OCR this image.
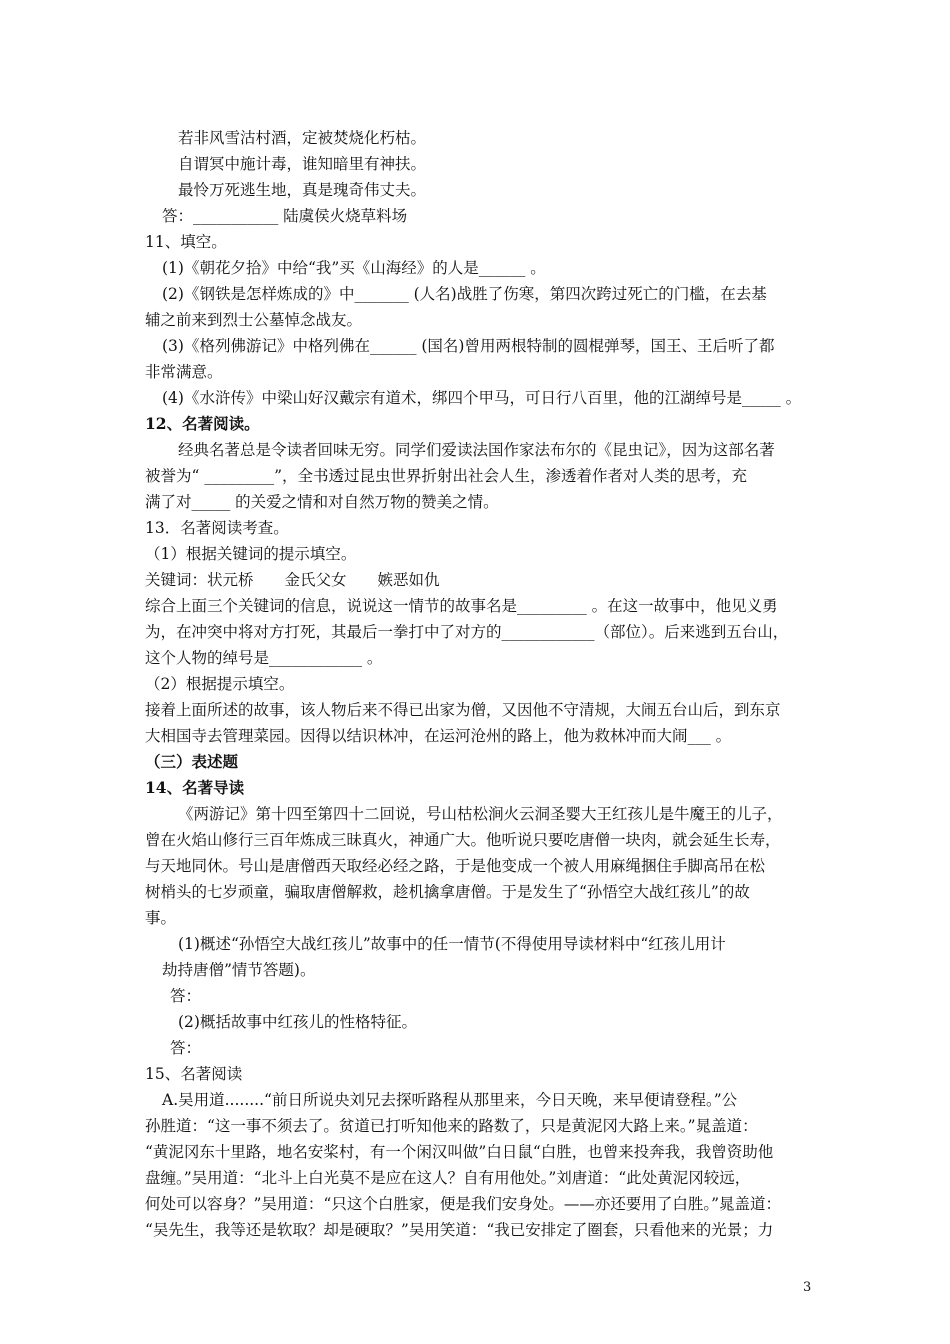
若非风雪沽村酒，定被焚烧化朽枯。
自谓冥中施计毒，谁知暗里有神扶。
最怜万死逃生地，真是瑰奇伟丈夫。
答：___________ 陆虞侯火烧草料场
11、填空。
(1)《朝花夕拾》中给“我”买《山海经》的人是______ 。
(2)《钢铁是怎样炼成的》中_______ (人名)战胜了伤寒，第四次跨过死亡的门槛，在去基
辅之前来到烈士公墓悼念战友。
(3)《格列佛游记》中格列佛在______ (国名)曾用两根特制的圆棍弹琴，国王、王后听了都
非常满意。
(4)《水浒传》中梁山好汉戴宗有道术，绑四个甲马，可日行八百里，他的江湖绰号是_____ 。
12、名著阅读。
经典名著总是令读者回味无穷。同学们爱读法国作家法布尔的《昆虫记》，因为这部名著
被誉为“ _________”，全书透过昆虫世界折射出社会人生，渗透着作者对人类的思考，充
满了对_____ 的关爱之情和对自然万物的赞美之情。
13．名著阅读考查。
（1）根据关键词的提示填空。
关键词：状元桥　　金氏父女　　嫉恶如仇
综合上面三个关键词的信息，说说这一情节的故事名是_________ 。在这一故事中，他见义勇
为，在冲突中将对方打死，其最后一拳打中了对方的____________（部位）。后来逃到五台山，
这个人物的绰号是____________ 。
（2）根据提示填空。
接着上面所述的故事，该人物后来不得已出家为僧，又因他不守清规，大闹五台山后，到东京
大相国寺去管理菜园。因得以结识林冲，在运河沧州的路上，他为救林冲而大闹___ 。
（三）表述题
14、名著导读
《两游记》第十四至第四十二回说，号山枯松涧火云洞圣婴大王红孩儿是牛魔王的儿子，
曾在火焰山修行三百年炼成三昧真火，神通广大。他听说只要吃唐僧一块肉，就会延生长寿，
与天地同休。号山是唐僧西天取经必经之路，于是他变成一个被人用麻绳捆住手脚高吊在松
树梢头的七岁顽童，骗取唐僧解救，趁机擒拿唐僧。于是发生了“孙悟空大战红孩儿”的故
事。
(1)概述“孙悟空大战红孩儿”故事中的任一情节(不得使用导读材料中“红孩儿用计
劫持唐僧”情节答题)。
答：
(2)概括故事中红孩儿的性格特征。
答：
15、名著阅读
A.吴用道........“前日所说央刘兄去探听路程从那里来，今日天晚，来早便请登程。”公
孙胜道：“这一事不须去了。贫道已打听知他来的路数了，只是黄泥冈大路上来。”晁盖道：
“黄泥冈东十里路，地名安桨村，有一个闲汉叫做”白日鼠“白胜，也曾来投奔我，我曾资助他
盘缠。”吴用道：“北斗上白光莫不是应在这人？自有用他处。”刘唐道：“此处黄泥冈较远，
何处可以容身？”吴用道：“只这个白胜家，便是我们安身处。——亦还要用了白胜。”晁盖道：
“吴先生，我等还是软取？却是硬取？”吴用笑道：“我已安排定了圈套，只看他来的光景；力
3
